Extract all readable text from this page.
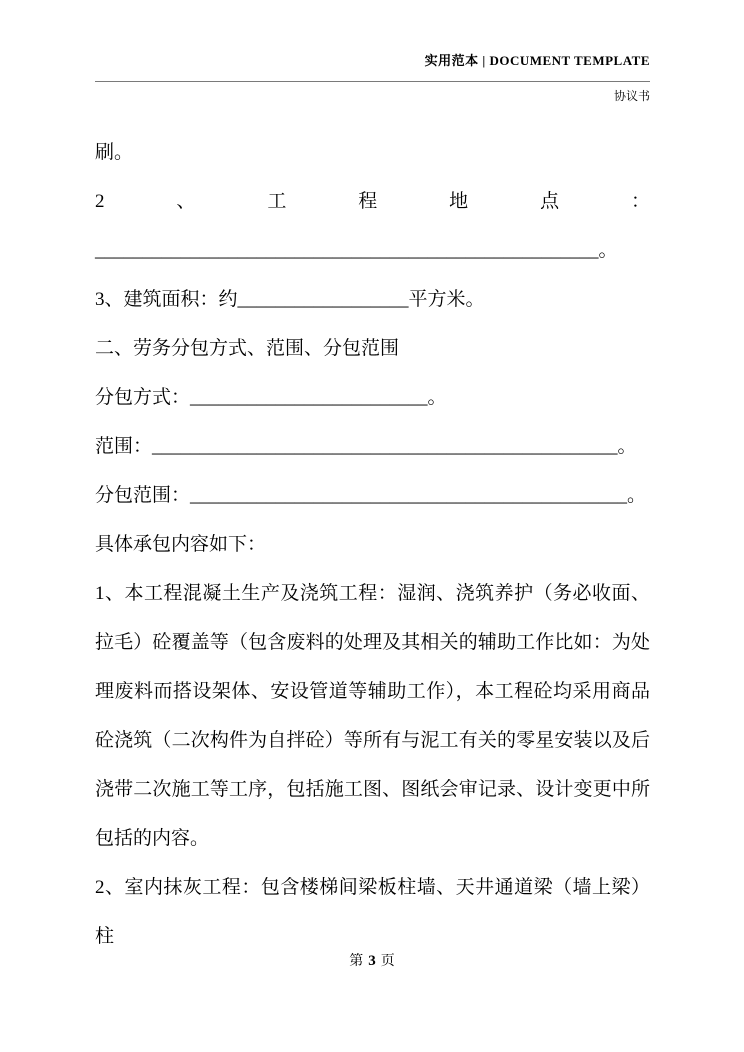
实用范本 | DOCUMENT TEMPLATE
协议书

刷。

2、工程地点：

_____________________________________________________。

3、建筑面积：约__________________平方米。

二、劳务分包方式、范围、分包范围

分包方式：_________________________。

范围：_________________________________________________。

分包范围：______________________________________________。

具体承包内容如下：

1、本工程混凝土生产及浇筑工程：湿润、浇筑养护（务必收面、拉毛）砼覆盖等（包含废料的处理及其相关的辅助工作比如：为处理废料而搭设架体、安设管道等辅助工作），本工程砼均采用商品砼浇筑（二次构件为自拌砼）等所有与泥工有关的零星安装以及后浇带二次施工等工序，包括施工图、图纸会审记录、设计变更中所包括的内容。

2、室内抹灰工程：包含楼梯间梁板柱墙、天井通道梁（墙上梁）柱

第 3 页
